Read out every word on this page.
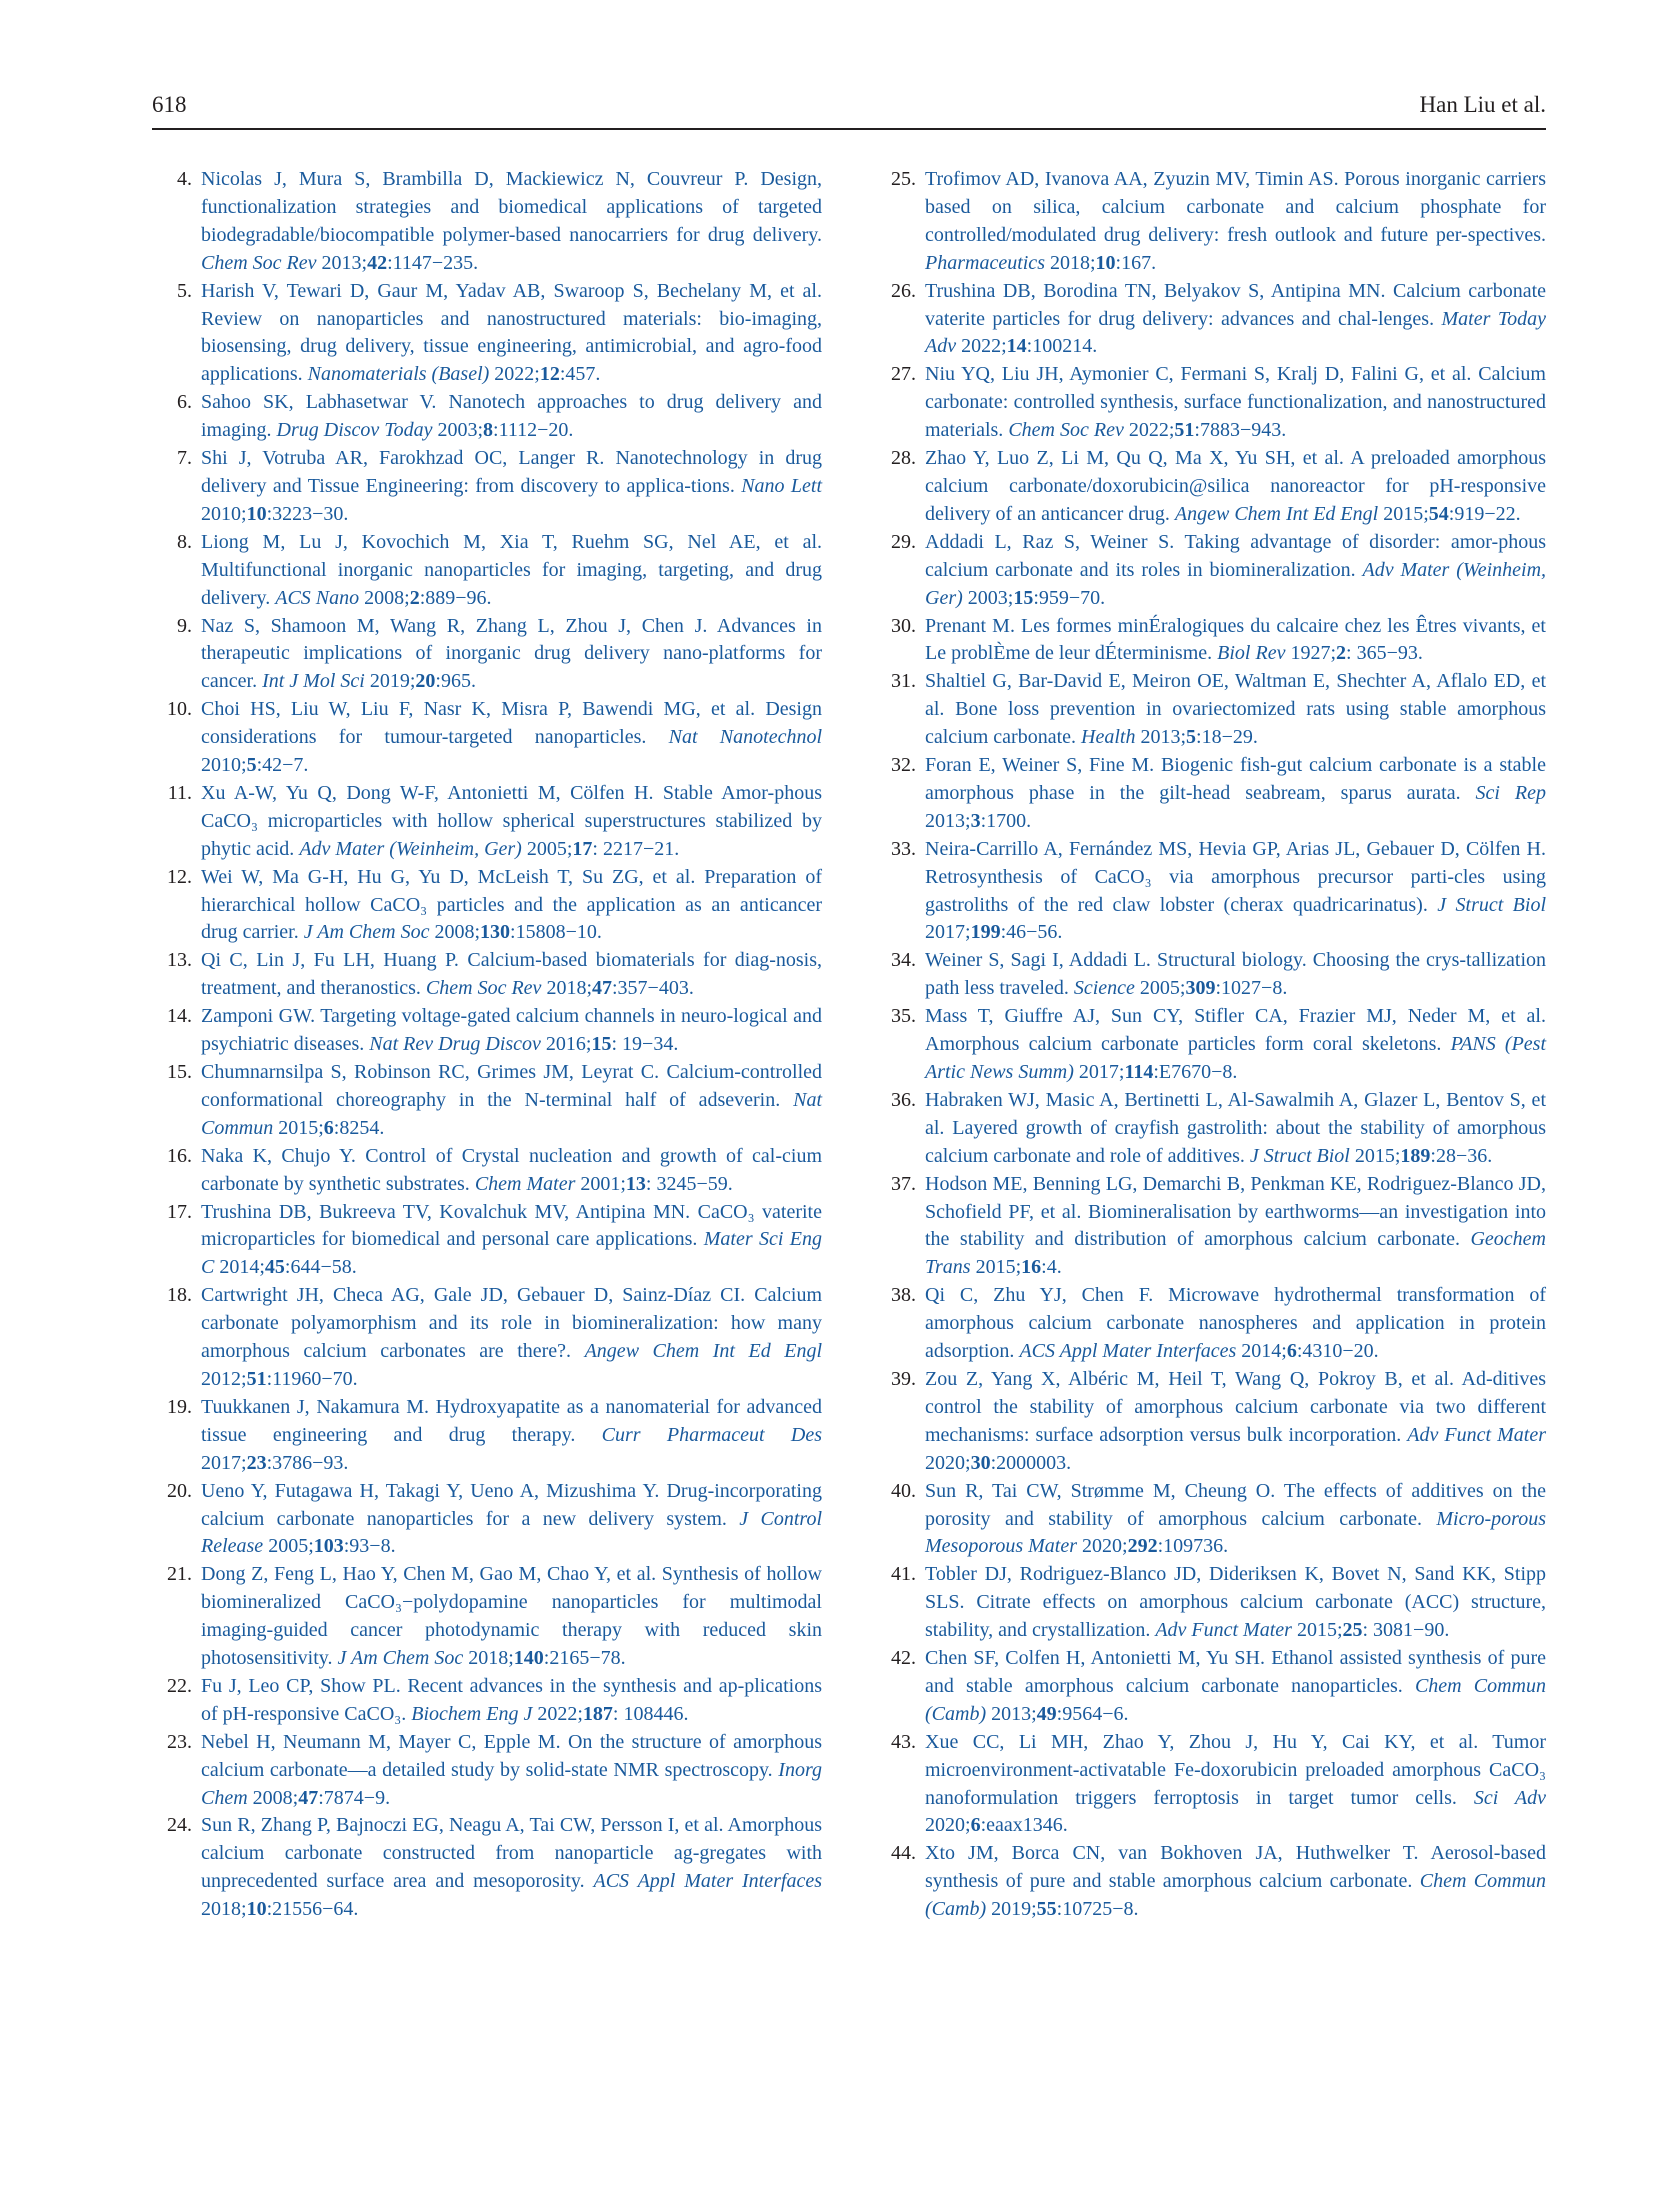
618	Han Liu et al.
4. Nicolas J, Mura S, Brambilla D, Mackiewicz N, Couvreur P. Design, functionalization strategies and biomedical applications of targeted biodegradable/biocompatible polymer-based nanocarriers for drug delivery. Chem Soc Rev 2013;42:1147−235.
5. Harish V, Tewari D, Gaur M, Yadav AB, Swaroop S, Bechelany M, et al. Review on nanoparticles and nanostructured materials: bio-imaging, biosensing, drug delivery, tissue engineering, antimicrobial, and agro-food applications. Nanomaterials (Basel) 2022;12:457.
6. Sahoo SK, Labhasetwar V. Nanotech approaches to drug delivery and imaging. Drug Discov Today 2003;8:1112−20.
7. Shi J, Votruba AR, Farokhzad OC, Langer R. Nanotechnology in drug delivery and Tissue Engineering: from discovery to applica-tions. Nano Lett 2010;10:3223−30.
8. Liong M, Lu J, Kovochich M, Xia T, Ruehm SG, Nel AE, et al. Multifunctional inorganic nanoparticles for imaging, targeting, and drug delivery. ACS Nano 2008;2:889−96.
9. Naz S, Shamoon M, Wang R, Zhang L, Zhou J, Chen J. Advances in therapeutic implications of inorganic drug delivery nano-platforms for cancer. Int J Mol Sci 2019;20:965.
10. Choi HS, Liu W, Liu F, Nasr K, Misra P, Bawendi MG, et al. Design considerations for tumour-targeted nanoparticles. Nat Nanotechnol 2010;5:42−7.
11. Xu A-W, Yu Q, Dong W-F, Antonietti M, Cölfen H. Stable Amor-phous CaCO₃ microparticles with hollow spherical superstructures stabilized by phytic acid. Adv Mater (Weinheim, Ger) 2005;17: 2217−21.
12. Wei W, Ma G-H, Hu G, Yu D, McLeish T, Su ZG, et al. Preparation of hierarchical hollow CaCO₃ particles and the application as an anticancer drug carrier. J Am Chem Soc 2008;130:15808−10.
13. Qi C, Lin J, Fu LH, Huang P. Calcium-based biomaterials for diag-nosis, treatment, and theranostics. Chem Soc Rev 2018;47:357−403.
14. Zamponi GW. Targeting voltage-gated calcium channels in neuro-logical and psychiatric diseases. Nat Rev Drug Discov 2016;15: 19−34.
15. Chumnarnsilpa S, Robinson RC, Grimes JM, Leyrat C. Calcium-controlled conformational choreography in the N-terminal half of adseverin. Nat Commun 2015;6:8254.
16. Naka K, Chujo Y. Control of Crystal nucleation and growth of cal-cium carbonate by synthetic substrates. Chem Mater 2001;13: 3245−59.
17. Trushina DB, Bukreeva TV, Kovalchuk MV, Antipina MN. CaCO₃ vaterite microparticles for biomedical and personal care applications. Mater Sci Eng C 2014;45:644−58.
18. Cartwright JH, Checa AG, Gale JD, Gebauer D, Sainz-Díaz CI. Calcium carbonate polyamorphism and its role in biomineralization: how many amorphous calcium carbonates are there?. Angew Chem Int Ed Engl 2012;51:11960−70.
19. Tuukkanen J, Nakamura M. Hydroxyapatite as a nanomaterial for advanced tissue engineering and drug therapy. Curr Pharmaceut Des 2017;23:3786−93.
20. Ueno Y, Futagawa H, Takagi Y, Ueno A, Mizushima Y. Drug-incorporating calcium carbonate nanoparticles for a new delivery system. J Control Release 2005;103:93−8.
21. Dong Z, Feng L, Hao Y, Chen M, Gao M, Chao Y, et al. Synthesis of hollow biomineralized CaCO₃−polydopamine nanoparticles for multimodal imaging-guided cancer photodynamic therapy with reduced skin photosensitivity. J Am Chem Soc 2018;140:2165−78.
22. Fu J, Leo CP, Show PL. Recent advances in the synthesis and ap-plications of pH-responsive CaCO₃. Biochem Eng J 2022;187: 108446.
23. Nebel H, Neumann M, Mayer C, Epple M. On the structure of amorphous calcium carbonate—a detailed study by solid-state NMR spectroscopy. Inorg Chem 2008;47:7874−9.
24. Sun R, Zhang P, Bajnoczi EG, Neagu A, Tai CW, Persson I, et al. Amorphous calcium carbonate constructed from nanoparticle ag-gregates with unprecedented surface area and mesoporosity. ACS Appl Mater Interfaces 2018;10:21556−64.
25. Trofimov AD, Ivanova AA, Zyuzin MV, Timin AS. Porous inorganic carriers based on silica, calcium carbonate and calcium phosphate for controlled/modulated drug delivery: fresh outlook and future per-spectives. Pharmaceutics 2018;10:167.
26. Trushina DB, Borodina TN, Belyakov S, Antipina MN. Calcium carbonate vaterite particles for drug delivery: advances and chal-lenges. Mater Today Adv 2022;14:100214.
27. Niu YQ, Liu JH, Aymonier C, Fermani S, Kralj D, Falini G, et al. Calcium carbonate: controlled synthesis, surface functionalization, and nanostructured materials. Chem Soc Rev 2022;51:7883−943.
28. Zhao Y, Luo Z, Li M, Qu Q, Ma X, Yu SH, et al. A preloaded amorphous calcium carbonate/doxorubicin@silica nanoreactor for pH-responsive delivery of an anticancer drug. Angew Chem Int Ed Engl 2015;54:919−22.
29. Addadi L, Raz S, Weiner S. Taking advantage of disorder: amor-phous calcium carbonate and its roles in biomineralization. Adv Mater (Weinheim, Ger) 2003;15:959−70.
30. Prenant M. Les formes minÉralogiques du calcaire chez les Êtres vivants, et Le problÈme de leur dÉterminisme. Biol Rev 1927;2: 365−93.
31. Shaltiel G, Bar-David E, Meiron OE, Waltman E, Shechter A, Aflalo ED, et al. Bone loss prevention in ovariectomized rats using stable amorphous calcium carbonate. Health 2013;5:18−29.
32. Foran E, Weiner S, Fine M. Biogenic fish-gut calcium carbonate is a stable amorphous phase in the gilt-head seabream, sparus aurata. Sci Rep 2013;3:1700.
33. Neira-Carrillo A, Fernández MS, Hevia GP, Arias JL, Gebauer D, Cölfen H. Retrosynthesis of CaCO₃ via amorphous precursor parti-cles using gastroliths of the red claw lobster (cherax quadricarinatus). J Struct Biol 2017;199:46−56.
34. Weiner S, Sagi I, Addadi L. Structural biology. Choosing the crys-tallization path less traveled. Science 2005;309:1027−8.
35. Mass T, Giuffre AJ, Sun CY, Stifler CA, Frazier MJ, Neder M, et al. Amorphous calcium carbonate particles form coral skeletons. PANS (Pest Artic News Summ) 2017;114:E7670−8.
36. Habraken WJ, Masic A, Bertinetti L, Al-Sawalmih A, Glazer L, Bentov S, et al. Layered growth of crayfish gastrolith: about the stability of amorphous calcium carbonate and role of additives. J Struct Biol 2015;189:28−36.
37. Hodson ME, Benning LG, Demarchi B, Penkman KE, Rodriguez-Blanco JD, Schofield PF, et al. Biomineralisation by earthworms—an investigation into the stability and distribution of amorphous calcium carbonate. Geochem Trans 2015;16:4.
38. Qi C, Zhu YJ, Chen F. Microwave hydrothermal transformation of amorphous calcium carbonate nanospheres and application in protein adsorption. ACS Appl Mater Interfaces 2014;6:4310−20.
39. Zou Z, Yang X, Albéric M, Heil T, Wang Q, Pokroy B, et al. Ad-ditives control the stability of amorphous calcium carbonate via two different mechanisms: surface adsorption versus bulk incorporation. Adv Funct Mater 2020;30:2000003.
40. Sun R, Tai CW, Strømme M, Cheung O. The effects of additives on the porosity and stability of amorphous calcium carbonate. Micro-porous Mesoporous Mater 2020;292:109736.
41. Tobler DJ, Rodriguez-Blanco JD, Dideriksen K, Bovet N, Sand KK, Stipp SLS. Citrate effects on amorphous calcium carbonate (ACC) structure, stability, and crystallization. Adv Funct Mater 2015;25: 3081−90.
42. Chen SF, Colfen H, Antonietti M, Yu SH. Ethanol assisted synthesis of pure and stable amorphous calcium carbonate nanoparticles. Chem Commun (Camb) 2013;49:9564−6.
43. Xue CC, Li MH, Zhao Y, Zhou J, Hu Y, Cai KY, et al. Tumor microenvironment-activatable Fe-doxorubicin preloaded amorphous CaCO₃ nanoformulation triggers ferroptosis in target tumor cells. Sci Adv 2020;6:eaax1346.
44. Xto JM, Borca CN, van Bokhoven JA, Huthwelker T. Aerosol-based synthesis of pure and stable amorphous calcium carbonate. Chem Commun (Camb) 2019;55:10725−8.
